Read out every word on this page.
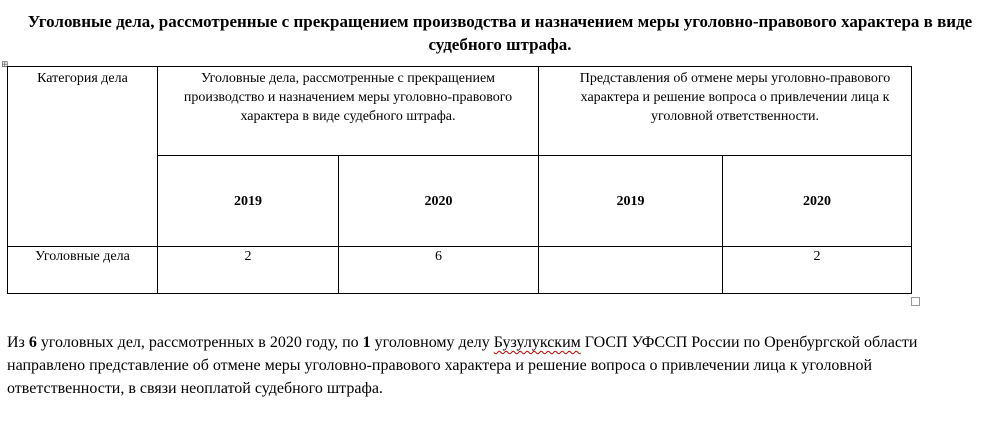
Уголовные дела, рассмотренные с прекращением производства и назначением меры уголовно-правового характера в виде
судебного штрафа.
⊞
Категория дела	Уголовные дела, рассмотренные с прекращением производство и назначением меры уголовно-правового характера в виде судебного штрафа.		Представления об отмене меры уголовно-правового характера и решение вопроса о привлечении лица к уголовной ответственности.	
	2019	2020	2019	2020
Уголовные дела	2	6		2

Из 6 уголовных дел, рассмотренных в 2020 году, по 1 уголовному делу Бузулукским ГОСП УФССП России по Оренбургской области направлено представление об отмене меры уголовно-правового характера и решение вопроса о привлечении лица к уголовной ответственности, в связи неоплатой судебного штрафа.
